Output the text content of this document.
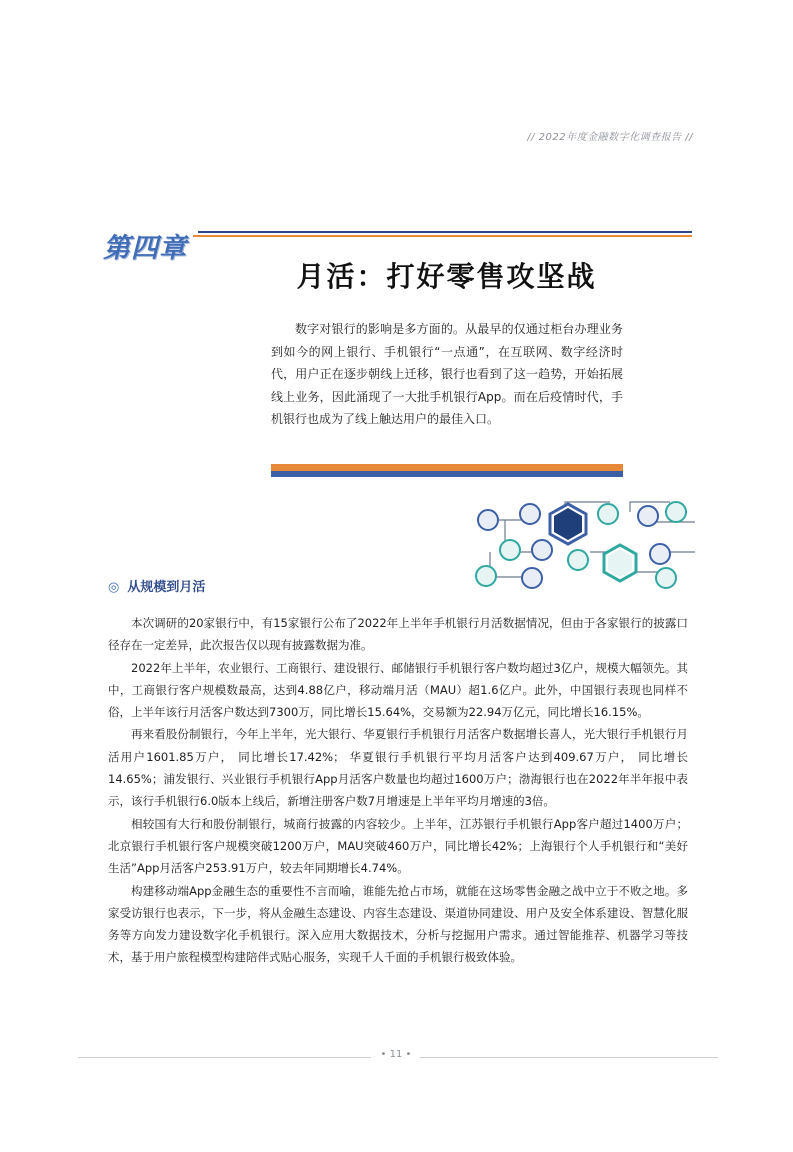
// 2022年度金融数字化调查报告 //
第四章
月活：打好零售攻坚战
数字对银行的影响是多方面的。从最早的仅通过柜台办理业务到如今的网上银行、手机银行“一点通”，在互联网、数字经济时代，用户正在逐步朝线上迁移，银行也看到了这一趋势，开始拓展线上业务，因此涌现了一大批手机银行App。而在后疫情时代，手机银行也成为了线上触达用户的最佳入口。
◎ 从规模到月活

本次调研的20家银行中，有15家银行公布了2022年上半年手机银行月活数据情况，但由于各家银行的披露口径存在一定差异，此次报告仅以现有披露数据为准。

2022年上半年，农业银行、工商银行、建设银行、邮储银行手机银行客户数均超过3亿户，规模大幅领先。其中，工商银行客户规模数最高，达到4.88亿户，移动端月活（MAU）超1.6亿户。此外，中国银行表现也同样不俗，上半年该行月活客户数达到7300万，同比增长15.64%，交易额为22.94万亿元，同比增长16.15%。

再来看股份制银行，今年上半年，光大银行、华夏银行手机银行月活客户数据增长喜人，光大银行手机银行月活用户1601.85万户， 同比增长17.42%； 华夏银行手机银行平均月活客户达到409.67万户， 同比增长14.65%；浦发银行、兴业银行手机银行App月活客户数量也均超过1600万户；渤海银行也在2022年半年报中表示，该行手机银行6.0版本上线后，新增注册客户数7月增速是上半年平均月增速的3倍。

相较国有大行和股份制银行，城商行披露的内容较少。上半年，江苏银行手机银行App客户超过1400万户；北京银行手机银行客户规模突破1200万户，MAU突破460万户，同比增长42%；上海银行个人手机银行和“美好生活”App月活客户253.91万户，较去年同期增长4.74%。

构建移动端App金融生态的重要性不言而喻，谁能先抢占市场，就能在这场零售金融之战中立于不败之地。多家受访银行也表示，下一步，将从金融生态建设、内容生态建设、渠道协同建设、用户及安全体系建设、智慧化服务等方向发力建设数字化手机银行。深入应用大数据技术，分析与挖掘用户需求。通过智能推荐、机器学习等技术，基于用户旅程模型构建陪伴式贴心服务，实现千人千面的手机银行极致体验。

• 11 •
